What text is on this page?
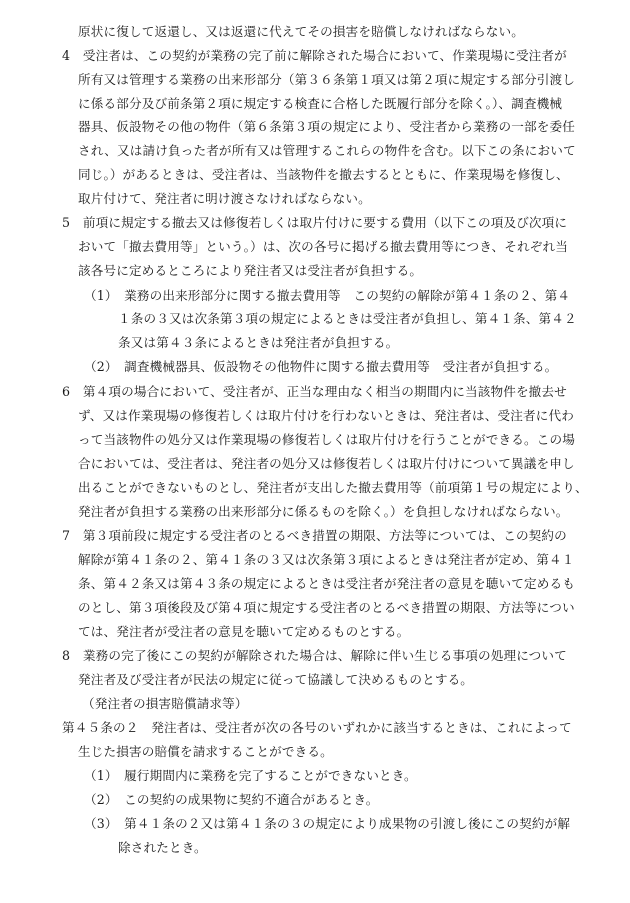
原状に復して返還し、又は返還に代えてその損害を賠償しなければならない。
4　受注者は、この契約が業務の完了前に解除された場合において、作業現場に受注者が
所有又は管理する業務の出来形部分（第３６条第１項又は第２項に規定する部分引渡し
に係る部分及び前条第２項に規定する検査に合格した既履行部分を除く。）、調査機械
器具、仮設物その他の物件（第６条第３項の規定により、受注者から業務の一部を委任
され、又は請け負った者が所有又は管理するこれらの物件を含む。以下この条において
同じ。）があるときは、受注者は、当該物件を撤去するとともに、作業現場を修復し、
取片付けて、発注者に明け渡さなければならない。
5　前項に規定する撤去又は修復若しくは取片付けに要する費用（以下この項及び次項に
おいて「撤去費用等」という。）は、次の各号に掲げる撤去費用等につき、それぞれ当
該各号に定めるところにより発注者又は受注者が負担する。
（1）　業務の出来形部分に関する撤去費用等　この契約の解除が第４１条の２、第４
１条の３又は次条第３項の規定によるときは受注者が負担し、第４１条、第４２
条又は第４３条によるときは発注者が負担する。
（2）　調査機械器具、仮設物その他物件に関する撤去費用等　受注者が負担する。
6　第４項の場合において、受注者が、正当な理由なく相当の期間内に当該物件を撤去せ
ず、又は作業現場の修復若しくは取片付けを行わないときは、発注者は、受注者に代わ
って当該物件の処分又は作業現場の修復若しくは取片付けを行うことができる。この場
合においては、受注者は、発注者の処分又は修復若しくは取片付けについて異議を申し
出ることができないものとし、発注者が支出した撤去費用等（前項第１号の規定により、
発注者が負担する業務の出来形部分に係るものを除く。）を負担しなければならない。
7　第３項前段に規定する受注者のとるべき措置の期限、方法等については、この契約の
解除が第４１条の２、第４１条の３又は次条第３項によるときは発注者が定め、第４１
条、第４２条又は第４３条の規定によるときは受注者が発注者の意見を聴いて定めるも
のとし、第３項後段及び第４項に規定する受注者のとるべき措置の期限、方法等につい
ては、発注者が受注者の意見を聴いて定めるものとする。
8　業務の完了後にこの契約が解除された場合は、解除に伴い生じる事項の処理について
発注者及び受注者が民法の規定に従って協議して決めるものとする。
（発注者の損害賠償請求等）
第４５条の２　発注者は、受注者が次の各号のいずれかに該当するときは、これによって
生じた損害の賠償を請求することができる。
（1）　履行期間内に業務を完了することができないとき。
（2）　この契約の成果物に契約不適合があるとき。
（3）　第４１条の２又は第４１条の３の規定により成果物の引渡し後にこの契約が解
除されたとき。
